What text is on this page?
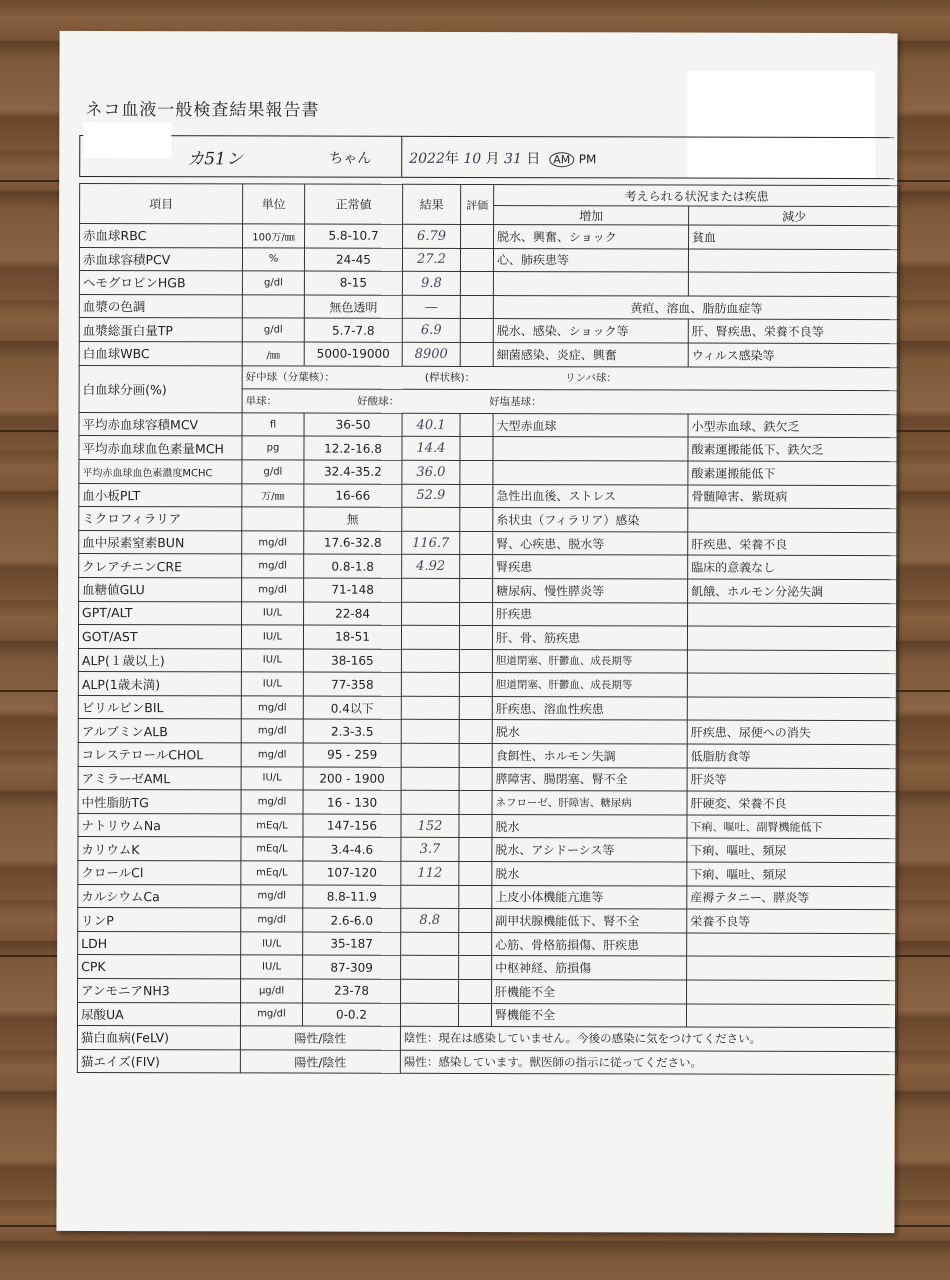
ネコ血液一般検査結果報告書
カ51ン	ちゃん	2022年 10 月 31 日 AM PM
項目	単位	正常値	結果	評価	考えられる状況または疾患	
					増加	減少
赤血球RBC	100万/㎜	5.8-10.7	6.79		脱水、興奮、ショック	貧血
赤血球容積PCV	%	24-45	27.2		心、肺疾患等	
ヘモグロビンHGB	g/dl	8-15	9.8			
血漿の色調		無色透明	—		黄疸、溶血、脂肪血症等	
血漿総蛋白量TP	g/dl	5.7-7.8	6.9		脱水、感染、ショック等	肝、腎疾患、栄養不良等
白血球WBC	/㎜	5000-19000	8900		細菌感染、炎症、興奮	ウィルス感染等
白血球分画(%)	好中球（分葉核）： (桿状核)： リンパ球：					
	単球： 好酸球： 好塩基球：					
平均赤血球容積MCV	fl	36-50	40.1		大型赤血球	小型赤血球、鉄欠乏
平均赤血球血色素量MCH	pg	12.2-16.8	14.4			酸素運搬能低下、鉄欠乏
平均赤血球血色素濃度MCHC	g/dl	32.4-35.2	36.0			酸素運搬能低下
血小板PLT	万/㎜	16-66	52.9		急性出血後、ストレス	骨髄障害、紫斑病
ミクロフィラリア		無			糸状虫（フィラリア）感染	
血中尿素窒素BUN	mg/dl	17.6-32.8	116.7		腎、心疾患、脱水等	肝疾患、栄養不良
クレアチニンCRE	mg/dl	0.8-1.8	4.92		腎疾患	臨床的意義なし
血糖値GLU	mg/dl	71-148			糖尿病、慢性膵炎等	飢餓、ホルモン分泌失調
GPT/ALT	IU/L	22-84			肝疾患	
GOT/AST	IU/L	18-51			肝、骨、筋疾患	
ALP(１歳以上)	IU/L	38-165			胆道閉塞、肝鬱血、成長期等	
ALP(1歳未満)	IU/L	77-358			胆道閉塞、肝鬱血、成長期等	
ビリルビンBIL	mg/dl	0.4以下			肝疾患、溶血性疾患	
アルブミンALB	mg/dl	2.3-3.5			脱水	肝疾患、尿便への消失
コレステロールCHOL	mg/dl	95 - 259			食餌性、ホルモン失調	低脂肪食等
アミラーゼAML	IU/L	200 - 1900			膵障害、腸閉塞、腎不全	肝炎等
中性脂肪TG	mg/dl	16 - 130			ネフローゼ、肝障害、糖尿病	肝硬変、栄養不良
ナトリウムNa	mEq/L	147-156	152		脱水	下痢、嘔吐、副腎機能低下
カリウムK	mEq/L	3.4-4.6	3.7		脱水、アシドーシス等	下痢、嘔吐、頻尿
クロールCl	mEq/L	107-120	112		脱水	下痢、嘔吐、頻尿
カルシウムCa	mg/dl	8.8-11.9			上皮小体機能亢進等	産褥テタニー、膵炎等
リンP	mg/dl	2.6-6.0	8.8		副甲状腺機能低下、腎不全	栄養不良等
LDH	IU/L	35-187			心筋、骨格筋損傷、肝疾患	
CPK	IU/L	87-309			中枢神経、筋損傷	
アンモニアNH3	μg/dl	23-78			肝機能不全	
尿酸UA	mg/dl	0-0.2			腎機能不全	
猫白血病(FeLV)	陽性/陰性		陰性：現在は感染していません。今後の感染に気をつけてください。			
猫エイズ(FIV)	陽性/陰性		陽性：感染しています。獣医師の指示に従ってください。			
